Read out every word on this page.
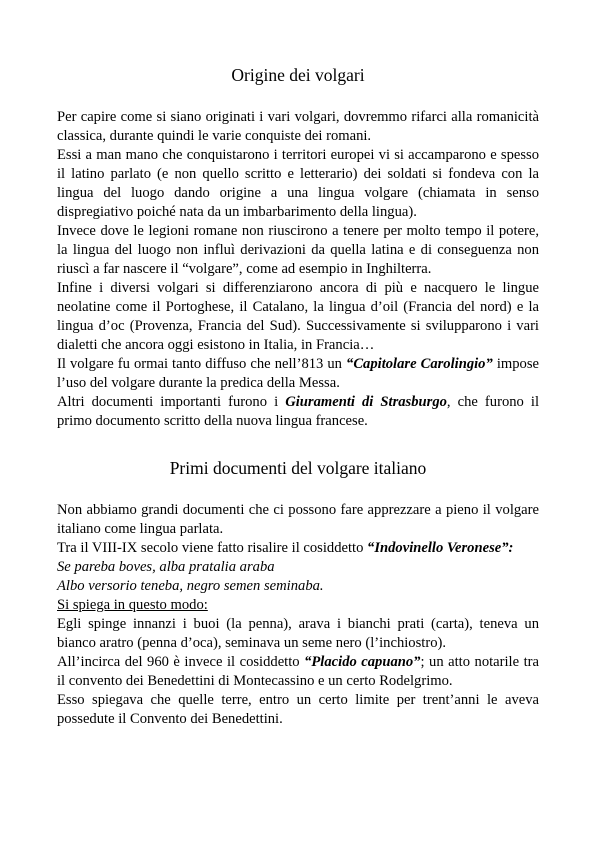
Origine dei volgari

Per capire come si siano originati i vari volgari, dovremmo rifarci alla romanicità classica, durante quindi le varie conquiste dei romani.

Essi a man mano che conquistarono i territori europei vi si accamparono e spesso il latino parlato (e non quello scritto e letterario) dei soldati si fondeva con la lingua del luogo dando origine a una lingua volgare (chiamata in senso dispregiativo poiché nata da un imbarbarimento della lingua).

Invece dove le legioni romane non riuscirono a tenere per molto tempo il potere, la lingua del luogo non influì derivazioni da quella latina e di conseguenza non riuscì a far nascere il “volgare”, come ad esempio in Inghilterra.

Infine i diversi volgari si differenziarono ancora di più e nacquero le lingue neolatine come il Portoghese, il Catalano, la lingua d’oil (Francia del nord) e la lingua d’oc (Provenza, Francia del Sud). Successivamente si svilupparono i vari dialetti che ancora oggi esistono in Italia, in Francia…

Il volgare fu ormai tanto diffuso che nell’813 un “Capitolare Carolingio” impose l’uso del volgare durante la predica della Messa.

Altri documenti importanti furono i Giuramenti di Strasburgo, che furono il primo documento scritto della nuova lingua francese.

Primi documenti del volgare italiano

Non abbiamo grandi documenti che ci possono fare apprezzare a pieno il volgare italiano come lingua parlata.

Tra il VIII-IX secolo viene fatto risalire il cosiddetto “Indovinello Veronese”:

Se pareba boves, alba pratalia araba

Albo versorio teneba, negro semen seminaba.

Si spiega in questo modo:

Egli spinge innanzi i buoi (la penna), arava i bianchi prati (carta), teneva un bianco aratro (penna d’oca), seminava un seme nero (l’inchiostro).

All’incirca del 960 è invece il cosiddetto “Placido capuano”; un atto notarile tra il convento dei Benedettini di Montecassino e un certo Rodelgrimo.

Esso spiegava che quelle terre, entro un certo limite per trent’anni le aveva possedute il Convento dei Benedettini.
